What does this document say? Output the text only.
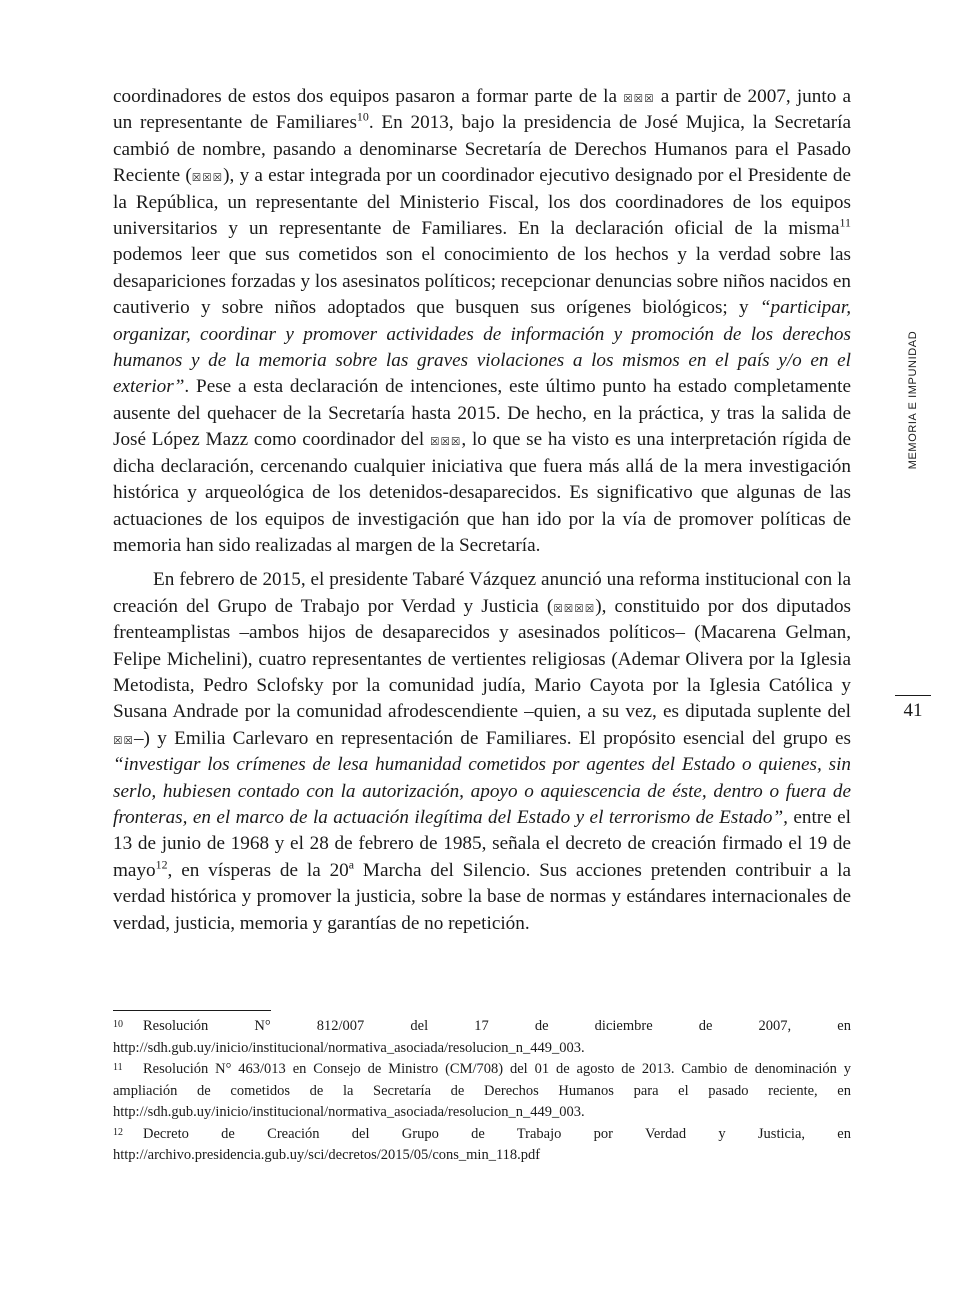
coordinadores de estos dos equipos pasaron a formar parte de la ☒☒☒ a partir de 2007, junto a un representante de Familiares$^{10}$. En 2013, bajo la presidencia de José Mujica, la Secretaría cambió de nombre, pasando a denominarse Secretaría de Derechos Humanos para el Pasado Reciente (☒☒☒), y a estar integrada por un coordinador ejecutivo designado por el Presidente de la República, un representante del Ministerio Fiscal, los dos coordinadores de los equipos universitarios y un representante de Familiares. En la declaración oficial de la misma$^{11}$ podemos leer que sus cometidos son el conocimiento de los hechos y la verdad sobre las desapariciones forzadas y los asesinatos políticos; recepcionar denuncias sobre niños nacidos en cautiverio y sobre niños adoptados que busquen sus orígenes biológicos; y “participar, organizar, coordinar y promover actividades de información y promoción de los derechos humanos y de la memoria sobre las graves violaciones a los mismos en el país y/o en el exterior”. Pese a esta declaración de intenciones, este último punto ha estado completamente ausente del quehacer de la Secretaría hasta 2015. De hecho, en la práctica, y tras la salida de José López Mazz como coordinador del ☒☒☒, lo que se ha visto es una interpretación rígida de dicha declaración, cercenando cualquier iniciativa que fuera más allá de la mera investigación histórica y arqueológica de los detenidos-desaparecidos. Es significativo que algunas de las actuaciones de los equipos de investigación que han ido por la vía de promover políticas de memoria han sido realizadas al margen de la Secretaría.

En febrero de 2015, el presidente Tabaré Vázquez anunció una reforma institucional con la creación del Grupo de Trabajo por Verdad y Justicia (☒☒☒☒), constituido por dos diputados frenteamplistas –ambos hijos de desaparecidos y asesinados políticos– (Macarena Gelman, Felipe Michelini), cuatro representantes de vertientes religiosas (Ademar Olivera por la Iglesia Metodista, Pedro Sclofsky por la comunidad judía, Mario Cayota por la Iglesia Católica y Susana Andrade por la comunidad afrodescendiente –quien, a su vez, es diputada suplente del ☒☒–) y Emilia Carlevaro en representación de Familiares. El propósito esencial del grupo es “investigar los crímenes de lesa humanidad cometidos por agentes del Estado o quienes, sin serlo, hubiesen contado con la autorización, apoyo o aquiescencia de éste, dentro o fuera de fronteras, en el marco de la actuación ilegítima del Estado y el terrorismo de Estado”, entre el 13 de junio de 1968 y el 28 de febrero de 1985, señala el decreto de creación firmado el 19 de mayo$^{12}$, en vísperas de la 20$^a$ Marcha del Silencio. Sus acciones pretenden contribuir a la verdad histórica y promover la justicia, sobre la base de normas y estándares internacionales de verdad, justicia, memoria y garantías de no repetición.

10 Resolución N° 812/007 del 17 de diciembre de 2007, en http://sdh.gub.uy/inicio/institucional/normativa_asociada/resolucion_n_449_003.

11 Resolución N° 463/013 en Consejo de Ministro (CM/708) del 01 de agosto de 2013. Cambio de denominación y ampliación de cometidos de la Secretaría de Derechos Humanos para el pasado reciente, en http://sdh.gub.uy/inicio/institucional/normativa_asociada/resolucion_n_449_003.

12 Decreto de Creación del Grupo de Trabajo por Verdad y Justicia, en http://archivo.presidencia.gub.uy/sci/decretos/2015/05/cons_min_118.pdf

MEMORIA E IMPUNIDAD
41
